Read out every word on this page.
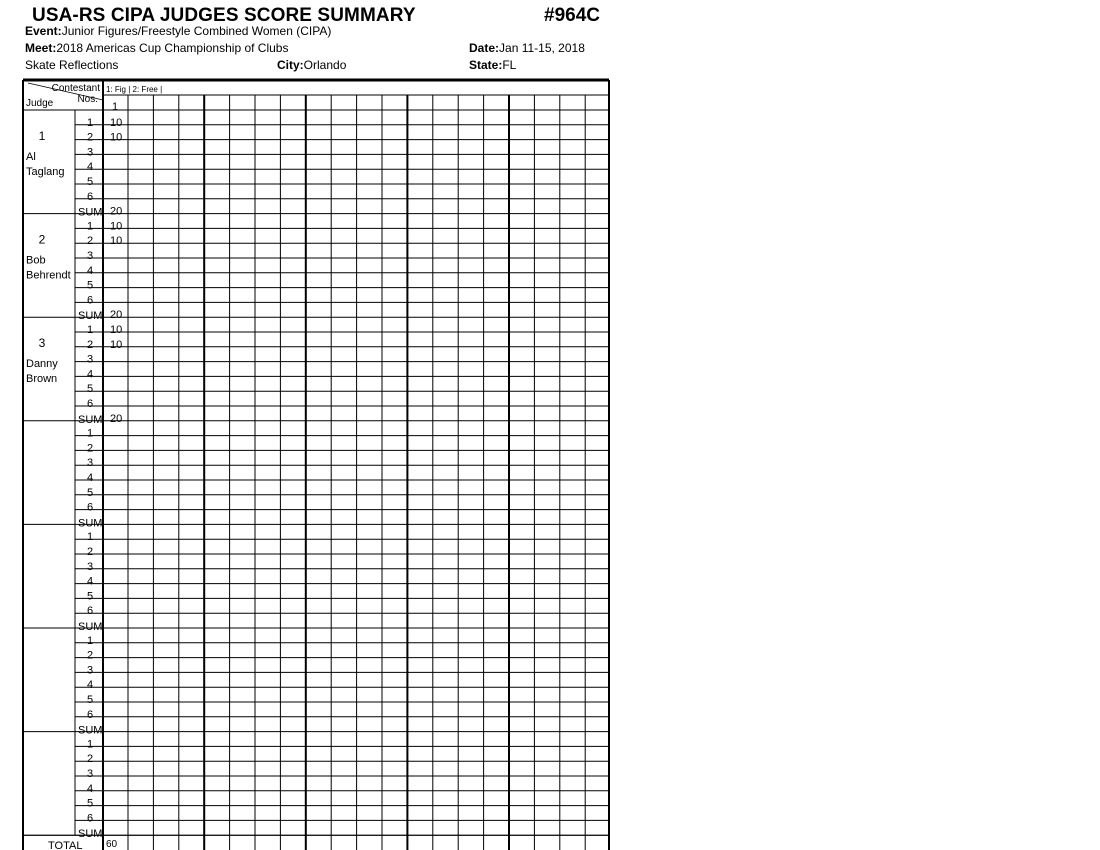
USA-RS CIPA JUDGES SCORE SUMMARY	#964C
Event:Junior Figures/Freestyle Combined Women (CIPA)
Meet:2018 Americas Cup Championship of Clubs	Date:Jan 11-15, 2018
Skate Reflections	City:Orlando	State:FL
Contestant
Nos.
Judge
1: Fig | 2: Free |
1
1
Al
Taglang
1 10
2 10
3
4
5
6
SUM 20
2
Bob
Behrendt
1 10
2 10
3
4
5
6
SUM 20
3
Danny
Brown
1 10
2 10
3
4
5
6
SUM 20
1
2
3
4
5
6
SUM
1
2
3
4
5
6
SUM
1
2
3
4
5
6
SUM
1
2
3
4
5
6
SUM
TOTAL 60
